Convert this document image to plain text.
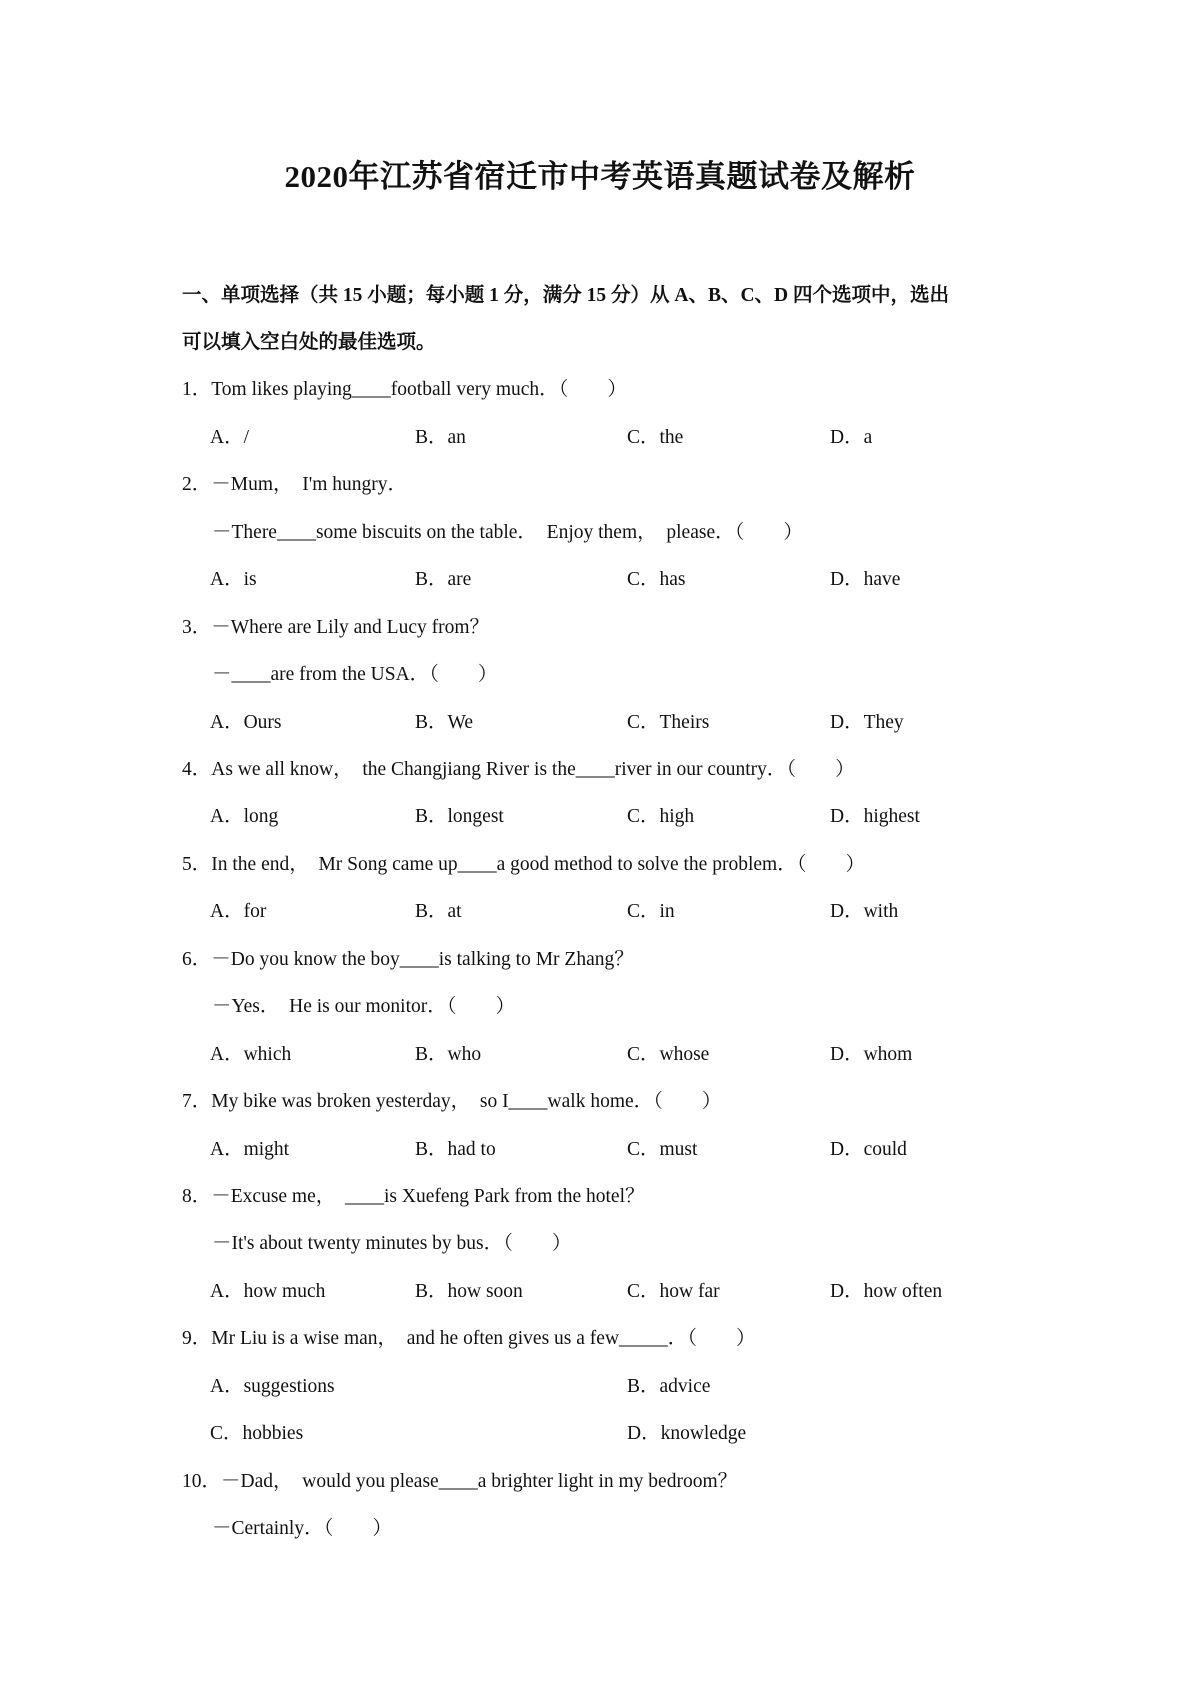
2020年江苏省宿迁市中考英语真题试卷及解析
一、单项选择（共 15 小题；每小题 1 分，满分 15 分）从 A、B、C、D 四个选项中，选出
可以填入空白处的最佳选项。
1．Tom likes playing____football very much．（　　）
A．/	B．an	C．the	D．a
2．－Mum，　I'm hungry．
－There____some biscuits on the table．　Enjoy them，　please．（　　）
A．is	B．are	C．has	D．have
3．－Where are Lily and Lucy from？
－____are from the USA．（　　）
A．Ours	B．We	C．Theirs	D．They
4．As we all know，　the Changjiang River is the____river in our country．（　　）
A．long	B．longest	C．high	D．highest
5．In the end，　Mr Song came up____a good method to solve the problem．（　　）
A．for	B．at	C．in	D．with
6．－Do you know the boy____is talking to Mr Zhang？
－Yes．　He is our monitor．（　　）
A．which	B．who	C．whose	D．whom
7．My bike was broken yesterday，　so I____walk home．（　　）
A．might	B．had to	C．must	D．could
8．－Excuse me，　____is Xuefeng Park from the hotel？
－It's about twenty minutes by bus．（　　）
A．how much	B．how soon	C．how far	D．how often
9．Mr Liu is a wise man，　and he often gives us a few_____．（　　）
A．suggestions	B．advice
C．hobbies	D．knowledge
10．－Dad，　would you please____a brighter light in my bedroom？
－Certainly．（　　）
